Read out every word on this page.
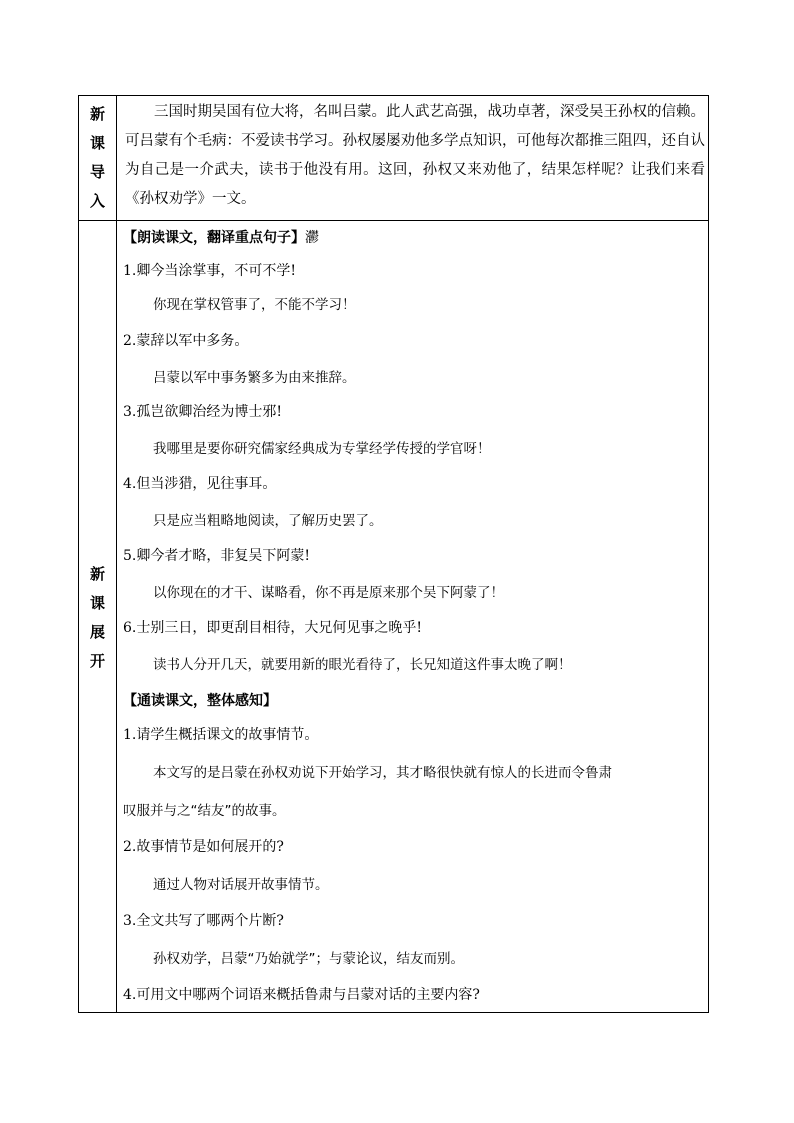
新
课
导
入
三国时期吴国有位大将，名叫吕蒙。此人武艺高强，战功卓著，深受吴王孙权的信赖。可吕蒙有个毛病：不爱读书学习。孙权屡屡劝他多学点知识，可他每次都推三阻四，还自认为自己是一介武夫，读书于他没有用。这回，孙权又来劝他了，结果怎样呢？让我们来看《孙权劝学》一文。
新
课
展
开
【朗读课文，翻译重点句子】灪
1.卿今当涂掌事，不可不学!
你现在掌权管事了，不能不学习！
2.蒙辞以军中多务。
吕蒙以军中事务繁多为由来推辞。
3.孤岂欲卿治经为博士邪!
我哪里是要你研究儒家经典成为专掌经学传授的学官呀！
4.但当涉猎，见往事耳。
只是应当粗略地阅读，了解历史罢了。
5.卿今者才略，非复吴下阿蒙!
以你现在的才干、谋略看，你不再是原来那个吴下阿蒙了！
6.士别三日，即更刮目相待，大兄何见事之晚乎!
读书人分开几天，就要用新的眼光看待了，长兄知道这件事太晚了啊！
【通读课文，整体感知】
1.请学生概括课文的故事情节。
本文写的是吕蒙在孙权劝说下开始学习，其才略很快就有惊人的长进而令鲁肃
叹服并与之“结友”的故事。
2.故事情节是如何展开的?
通过人物对话展开故事情节。
3.全文共写了哪两个片断?
孙权劝学，吕蒙“乃始就学”；与蒙论议，结友而别。
4.可用文中哪两个词语来概括鲁肃与吕蒙对话的主要内容?
